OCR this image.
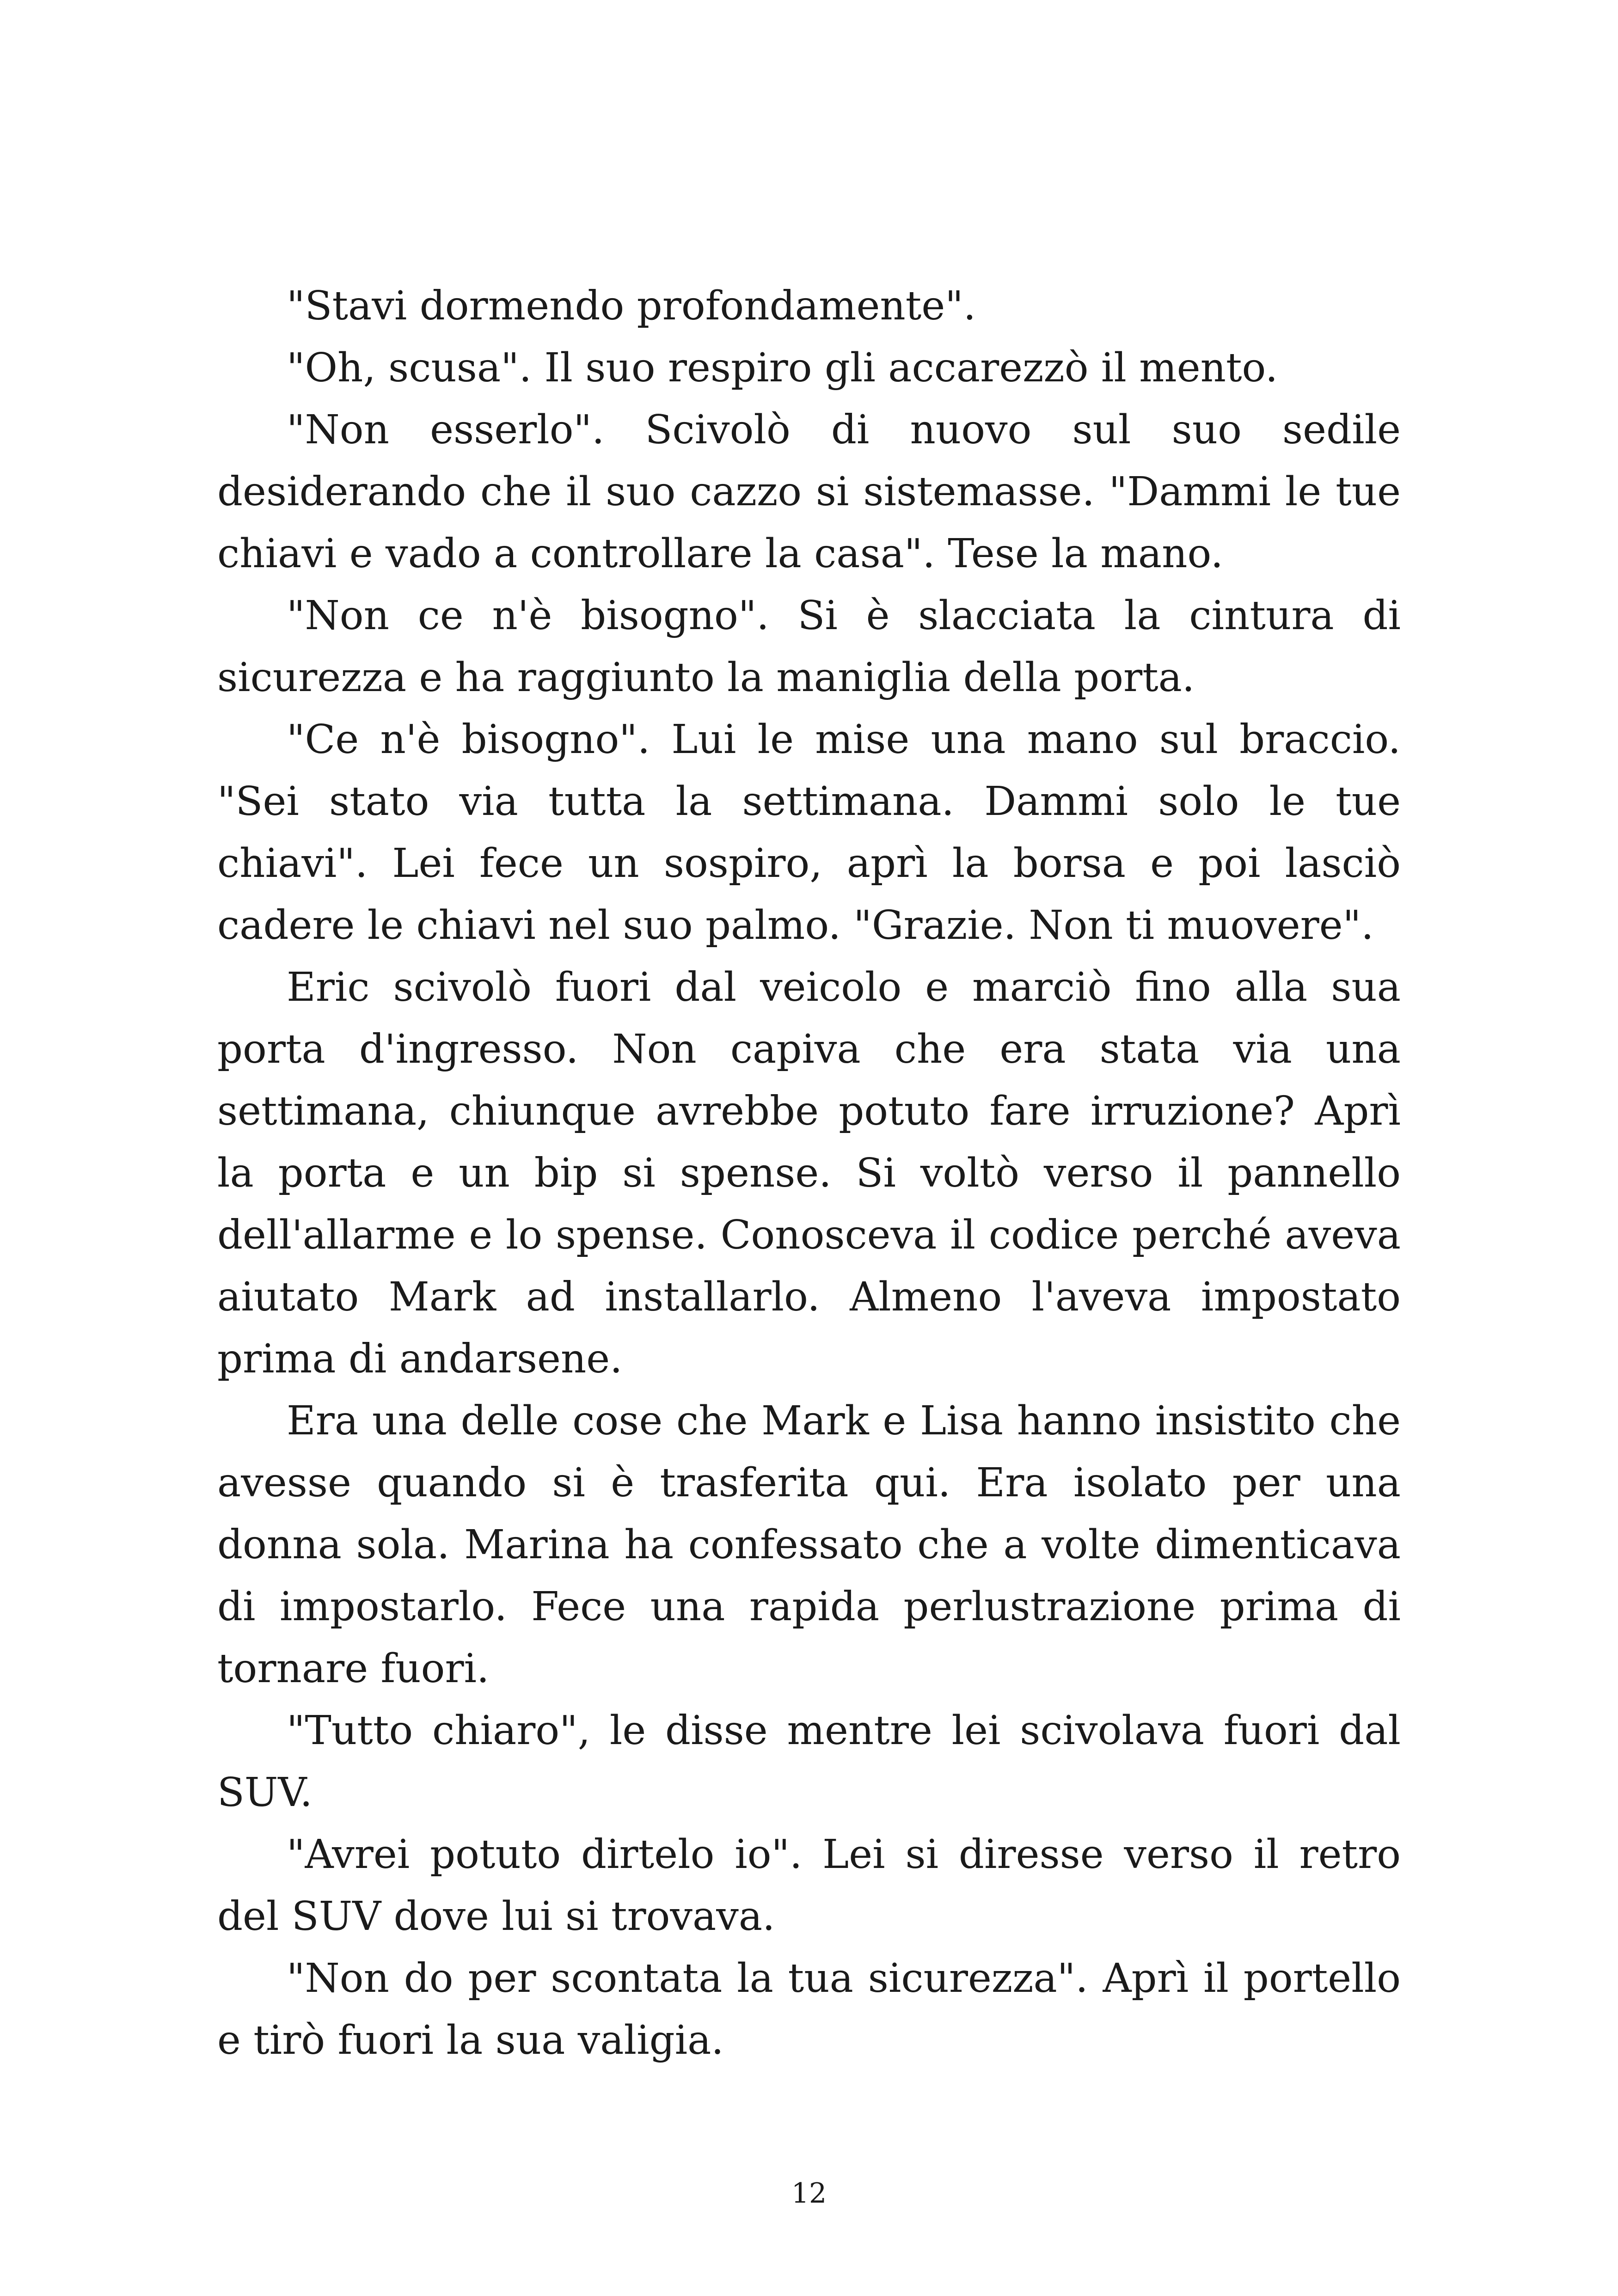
"Stavi dormendo profondamente".

"Oh, scusa". Il suo respiro gli accarezzò il mento.

"Non esserlo". Scivolò di nuovo sul suo sedile desiderando che il suo cazzo si sistemasse. "Dammi le tue chiavi e vado a controllare la casa". Tese la mano.

"Non ce n'è bisogno". Si è slacciata la cintura di sicurezza e ha raggiunto la maniglia della porta.

"Ce n'è bisogno". Lui le mise una mano sul braccio. "Sei stato via tutta la settimana. Dammi solo le tue chiavi". Lei fece un sospiro, aprì la borsa e poi lasciò cadere le chiavi nel suo palmo. "Grazie. Non ti muovere".

Eric scivolò fuori dal veicolo e marciò fino alla sua porta d'ingresso. Non capiva che era stata via una settimana, chiunque avrebbe potuto fare irruzione? Aprì la porta e un bip si spense. Si voltò verso il pannello dell'allarme e lo spense. Conosceva il codice perché aveva aiutato Mark ad installarlo. Almeno l'aveva impostato prima di andarsene.

Era una delle cose che Mark e Lisa hanno insistito che avesse quando si è trasferita qui. Era isolato per una donna sola. Marina ha confessato che a volte dimenticava di impostarlo. Fece una rapida perlustrazione prima di tornare fuori.

"Tutto chiaro", le disse mentre lei scivolava fuori dal SUV.

"Avrei potuto dirtelo io". Lei si diresse verso il retro del SUV dove lui si trovava.

"Non do per scontata la tua sicurezza". Aprì il portello e tirò fuori la sua valigia.

12
